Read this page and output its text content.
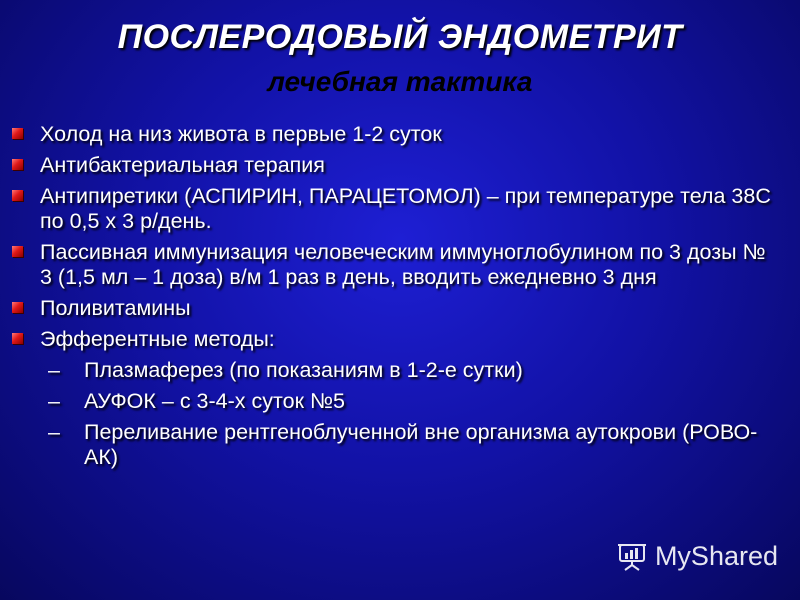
ПОСЛЕРОДОВЫЙ ЭНДОМЕТРИТ
лечебная тактика
Холод на низ живота в первые 1-2 суток
Антибактериальная терапия
Антипиретики (АСПИРИН, ПАРАЦЕТОМОЛ) – при температуре тела 38С по 0,5 х 3 р/день.
Пассивная иммунизация человеческим иммуноглобулином по 3 дозы № 3 (1,5 мл – 1 доза) в/м 1 раз в день, вводить ежедневно 3 дня
Поливитамины
Эфферентные методы:
– Плазмаферез (по показаниям в 1-2-е сутки)
– АУФОК – с 3-4-х суток №5
– Переливание рентгеноблученной вне организма аутокрови (РОВО-АК)
MyShared
